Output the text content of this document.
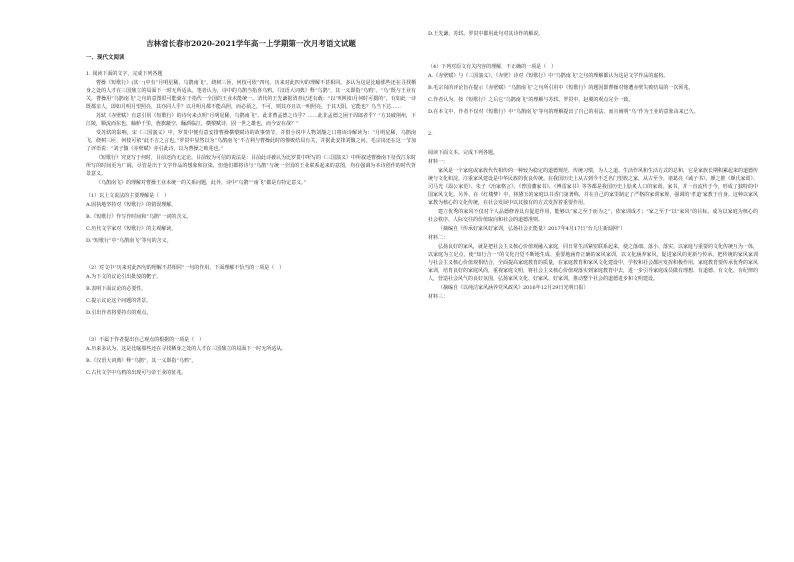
吉林省长春市2020-2021学年高一上学期第一次月考语文试题
一、现代文阅读

1. 阅读下面的文字，完成下列各题

曹操《短歌行》(其一)中有“月明星稀，乌鹊南飞”，绕树三匝，何枝可依”四句。历来对此四句的理解不甚相同。多认为这是比喻那些还在寻找栖身之处的人才在三国鼎立的局面下一时无所适从。笔者认为，诗中的乌鹊当指喜乌鸦。《汉语大词典》释“乌鹊”，其一义即指“乌鸦”。“乌”既与王业有关，曹操用“乌鹊南飞”之句的意图很可能就在于指代一全国的王业未能统一。清代的王先谦据清查记述有载：“以”明明如月何时可掇的”，有如此一诗既都亲人，即如月明月望照亮，其亦同人乎？以月明月都不能高照，而必须之，不可，则其亦且以一明照亮，于其天阳，它能也？乌当下达……

苏轼《赤壁赋》有意引用《短歌行》的诗句来点明“月明星稀，乌鹊南飞”。此非曹孟德之诗乎？……此非孟德之困于周郎者乎？”方其破荆州，下江陵，顺流而东也，舳舻千里，旌旗蔽空，酾酒临江，横槊赋诗，固一世之雄也，而今安在哉？”

受苏轼的影响，宋《三国演义》中，罗贯中便有意安排曹操横槊赋诗的故事情节，并借小说中人物刘馥之口将该诗解读为：“月明星稀，乌鹊南飞，绕树三匝，何枝可依”此不吉之言也。”罗贯中显然以为“乌鹊南飞”不吉利与曹操此时的惨败结局有关，并据此安排刘馥之问。毛宗岗还在这一节加了评语说：“刘子馥《赤壁赋》亦引此诗，以为曹操之败兆也。”

《短歌行》究竟写于何时，目前还尚无定论。目前较为可信的说法是：目前此诗被认为比罗贯中所写的《三国演义》中所叙述曹操南下征伐江东时所写的时间更为广阔，尽管是出于文学作品的想象和渲染，但他们都将诗与“乌鹊”与统一全国的王业联系起来的意图，均在强调为本诗创作的时代背景意义。

《乌鹊南飞》的理解对曹操王业未统一的关系问题，此外，诗中“乌鹊”“南飞”都是有特定意义。”

（1）以上文说法的主要理解是（　）

A.固执地坚持对《短歌行》的错误理解。

B.《短歌行》作写作时间和“乌鹊”一词的含义。

C.历代文学家对《短歌行》的主观解读。

D.“短歌行”中“乌鹊南飞”等句的含义。

（2）对文中“历来对此四句的理解不甚相同”一句的作用，下面理解不恰当的一项是（　）

A.为下文的议论引出批驳的靶子。

B.表明下面议论的必要性。

C.提示议论这个问题的背景。

D.引出作者将要持有的观点。

（3）不属于作者提出自己观点的根据的一项是（　）

A.历来多认为，这是比喻那些还在寻找栖身之处的人才在三国鼎立的局面下一时无所适从。

B.《汉语大词典》释“乌鹊”，其一义即指“乌鸦”。

C.古代文学中乌鸦的出现可与帝王业的征兆。

D.王先谦、苏轼、罗贯中都用此句对其诗作的解说。

（4）下列对原文有关内容的理解，不正确的一项是（　）

A.《赤壁赋》与《三国演义》、《赤壁》诗对《短歌行》中“乌鹊南飞”之句的理解都认为这是文学作品的虚构。

B.毛宗岗的评论旨在提示《赤壁赋》“乌鹊南飞”之句所引用中《短歌行》的题因即曹操对惨遭赤壁失败结局的一次预兆。

C.作者认为，按《短歌行》之后它“乌鹊南飞”的理解与苏轼、罗贯中、赵翼的观点完全一致。

D.在本文中，作者不仅对《短歌行》中“乌鹊南飞”等句的理解提出了自己的看法，而且阐明“乌”作为王业的意象由来已久。

2.

阅读下面文本，完成下列各题。

材料一：

家风是一个家庭或家族代代相传的一种较为稳定的道德规范、传统习惯，为人之道、生活作风和生活方式的总和，它是家族长期积累起来的道德传统与文化积淀。注重家风建设是中华民族的优良传统。在我国历史上从古到今不乏名门望族之家，从古至今，诸葛亮《诫子书》、颜之推《颜氏家训》、司马光《温公家范》、朱子《治家格言》、《曾国藩家书》、《傅雷家书》等等都是我国历史上脍炙人口的家训、家书，并一直流传于今，形成了独特的中国家风文化。另外，在《红楼梦》中，林黛玉的家庭以书香门第著称，并在自己的家里制定了严格的家训家规，强调的‘孝道’家教于自身。这种以家风家教为核心的文化传统，在社会发展中以其独有的方式发挥着重要作用。

建立优秀的家风不仅对个人品德修养具有促进作用，能够以“家之至于而为之”，依家训成才；“家之至于”以“家风”的目标，成为以家庭为核心的社会秩序、人际交往的价值取向和社会的道德准则。

（摘编自《传承好家风好家训，弘扬社会正能量》2017年4月17日“台儿庄新闻网”）

材料二：

弘扬良好的家风，就是把社会主义核心价值观融入家庭，同日常生活紧密联系起来，使之落细、落小、落实。以家庭与重要的文化传统互为一体，以家庭为立足点，使“知行合一”的文化自觉不断地生成、重要地涵育正确的家风家训，以文化涵养家风，促进家风的更新与传承。把传统的家风家训与社会主义核心价值观相结合，全面提高家庭教育的质量，在家庭教育和家风文化建设中，学校和社会都应发挥积极作用。家庭教育要传承优秀的家风家训，培育良好的家庭风尚，重视家庭文明，将社会主义核心价值观落实到家庭教育中去，进一步引导家庭成员做有理想、有道德、有文化、有纪律的人，营造社会风气的良好氛围，弘扬家风文化、好家风、好家训，推动整个社会的道德进步和文明建设。

（摘编自《以纯洁家风涵养党风政风》2016年12月29日光明日报）

材料三：
